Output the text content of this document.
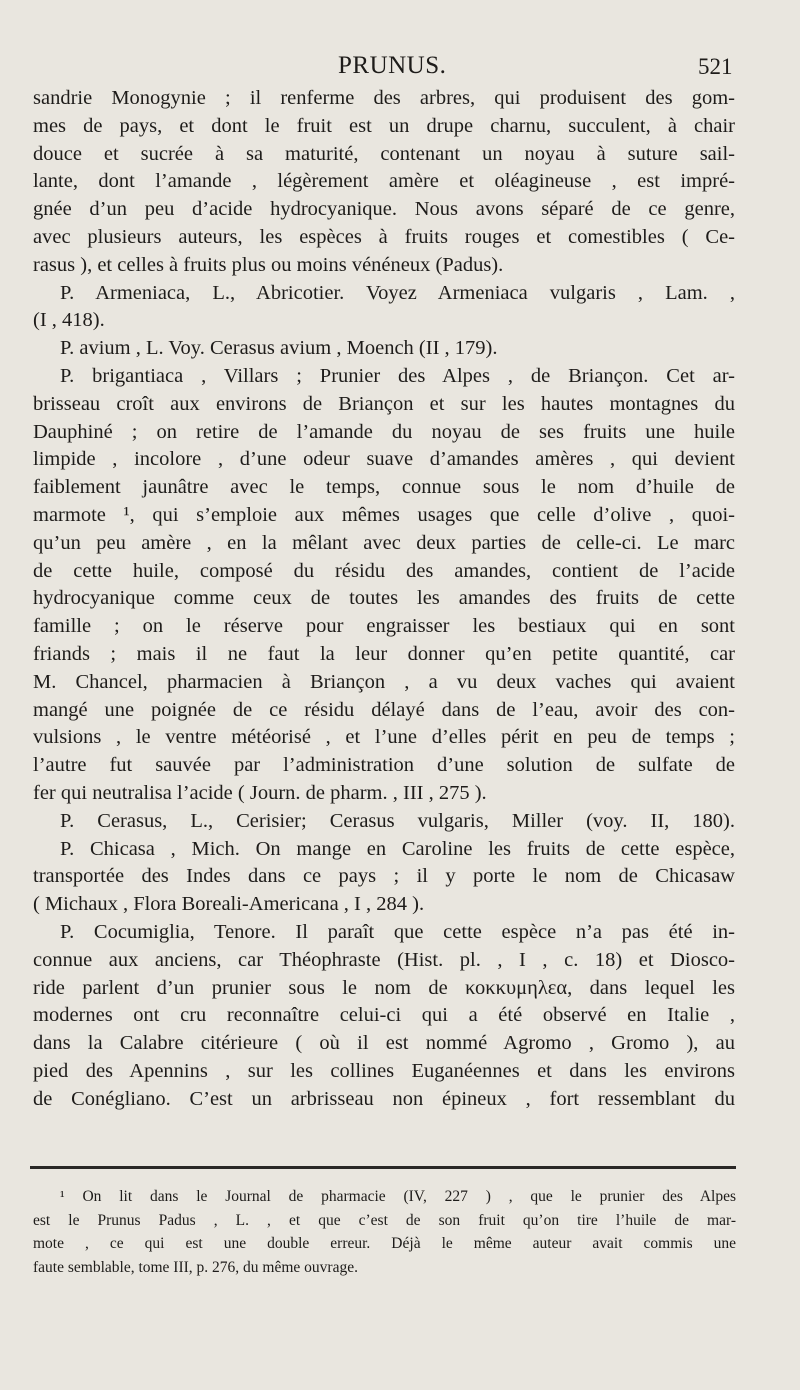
PRUNUS.	521
sandrie Monogynie ; il renferme des arbres, qui produisent des gom-
mes de pays, et dont le fruit est un drupe charnu, succulent, à chair
douce et sucrée à sa maturité, contenant un noyau à suture sail-
lante, dont l’amande , légèrement amère et oléagineuse , est impré-
gnée d’un peu d’acide hydrocyanique. Nous avons séparé de ce genre,
avec plusieurs auteurs, les espèces à fruits rouges et comestibles ( Ce-
rasus ), et celles à fruits plus ou moins vénéneux (Padus).
P. Armeniaca, L., Abricotier. Voyez Armeniaca vulgaris , Lam. ,
(I , 418).
P. avium , L. Voy. Cerasus avium , Moench (II , 179).
P. brigantiaca , Villars ; Prunier des Alpes , de Briançon. Cet ar-
brisseau croît aux environs de Briançon et sur les hautes montagnes du
Dauphiné ; on retire de l’amande du noyau de ses fruits une huile
limpide , incolore , d’une odeur suave d’amandes amères , qui devient
faiblement jaunâtre avec le temps, connue sous le nom d’huile de
marmote ¹, qui s’emploie aux mêmes usages que celle d’olive , quoi-
qu’un peu amère , en la mêlant avec deux parties de celle-ci. Le marc
de cette huile, composé du résidu des amandes, contient de l’acide
hydrocyanique comme ceux de toutes les amandes des fruits de cette
famille ; on le réserve pour engraisser les bestiaux qui en sont
friands ; mais il ne faut la leur donner qu’en petite quantité, car
M. Chancel, pharmacien à Briançon , a vu deux vaches qui avaient
mangé une poignée de ce résidu délayé dans de l’eau, avoir des con-
vulsions , le ventre météorisé , et l’une d’elles périt en peu de temps ;
l’autre fut sauvée par l’administration d’une solution de sulfate de
fer qui neutralisa l’acide ( Journ. de pharm. , III , 275 ).
P. Cerasus, L., Cerisier; Cerasus vulgaris, Miller (voy. II, 180).
P. Chicasa , Mich. On mange en Caroline les fruits de cette espèce,
transportée des Indes dans ce pays ; il y porte le nom de Chicasaw
( Michaux , Flora Boreali-Americana , I , 284 ).
P. Cocumiglia, Tenore. Il paraît que cette espèce n’a pas été in-
connue aux anciens, car Théophraste (Hist. pl. , I , c. 18) et Diosco-
ride parlent d’un prunier sous le nom de κοκκυμηλεα, dans lequel les
modernes ont cru reconnaître celui-ci qui a été observé en Italie ,
dans la Calabre citérieure ( où il est nommé Agromo , Gromo ), au
pied des Apennins , sur les collines Euganéennes et dans les environs
de Conégliano. C’est un arbrisseau non épineux , fort ressemblant du
¹ On lit dans le Journal de pharmacie (IV, 227 ) , que le prunier des Alpes
est le Prunus Padus , L. , et que c’est de son fruit qu’on tire l’huile de mar-
mote , ce qui est une double erreur. Déjà le même auteur avait commis une
faute semblable, tome III, p. 276, du même ouvrage.
